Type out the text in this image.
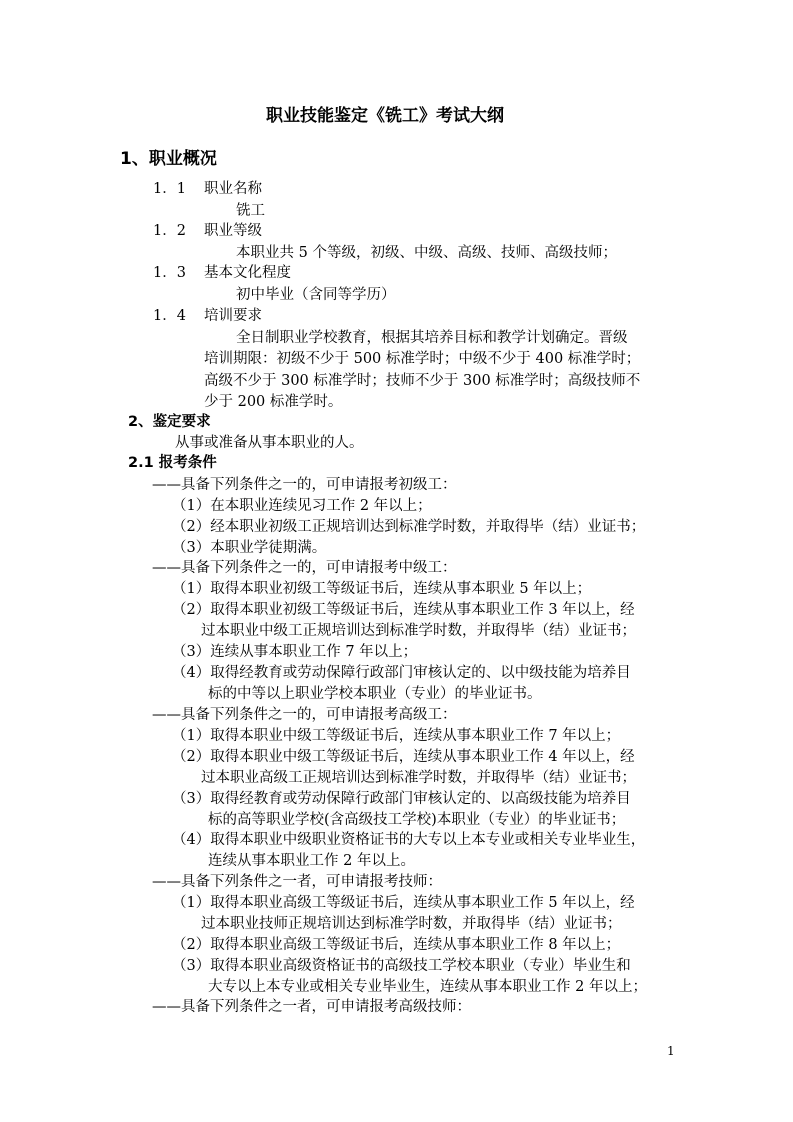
职业技能鉴定《铣工》考试大纲
1、职业概况
1．1 职业名称
铣工
1．2 职业等级
本职业共 5 个等级，初级、中级、高级、技师、高级技师；
1．3 基本文化程度
初中毕业（含同等学历）
1．4 培训要求
全日制职业学校教育，根据其培养目标和教学计划确定。晋级
培训期限：初级不少于 500 标准学时；中级不少于 400 标准学时；
高级不少于 300 标准学时；技师不少于 300 标准学时；高级技师不
少于 200 标准学时。
2、鉴定要求
从事或准备从事本职业的人。
2.1 报考条件
——具备下列条件之一的，可申请报考初级工：
（1）在本职业连续见习工作 2 年以上；
（2）经本职业初级工正规培训达到标准学时数，并取得毕（结）业证书；
（3）本职业学徒期满。
——具备下列条件之一的，可申请报考中级工：
（1）取得本职业初级工等级证书后，连续从事本职业 5 年以上；
（2）取得本职业初级工等级证书后，连续从事本职业工作 3 年以上，经
过本职业中级工正规培训达到标准学时数，并取得毕（结）业证书；
（3）连续从事本职业工作 7 年以上；
（4）取得经教育或劳动保障行政部门审核认定的、以中级技能为培养目
标的中等以上职业学校本职业（专业）的毕业证书。
——具备下列条件之一的，可申请报考高级工：
（1）取得本职业中级工等级证书后，连续从事本职业工作 7 年以上；
（2）取得本职业中级工等级证书后，连续从事本职业工作 4 年以上，经
过本职业高级工正规培训达到标准学时数，并取得毕（结）业证书；
（3）取得经教育或劳动保障行政部门审核认定的、以高级技能为培养目
标的高等职业学校(含高级技工学校)本职业（专业）的毕业证书；
（4）取得本职业中级职业资格证书的大专以上本专业或相关专业毕业生，
连续从事本职业工作 2 年以上。
——具备下列条件之一者，可申请报考技师：
（1）取得本职业高级工等级证书后，连续从事本职业工作 5 年以上，经
过本职业技师正规培训达到标准学时数，并取得毕（结）业证书；
（2）取得本职业高级工等级证书后，连续从事本职业工作 8 年以上；
（3）取得本职业高级资格证书的高级技工学校本职业（专业）毕业生和
大专以上本专业或相关专业毕业生，连续从事本职业工作 2 年以上；
——具备下列条件之一者，可申请报考高级技师：
1
